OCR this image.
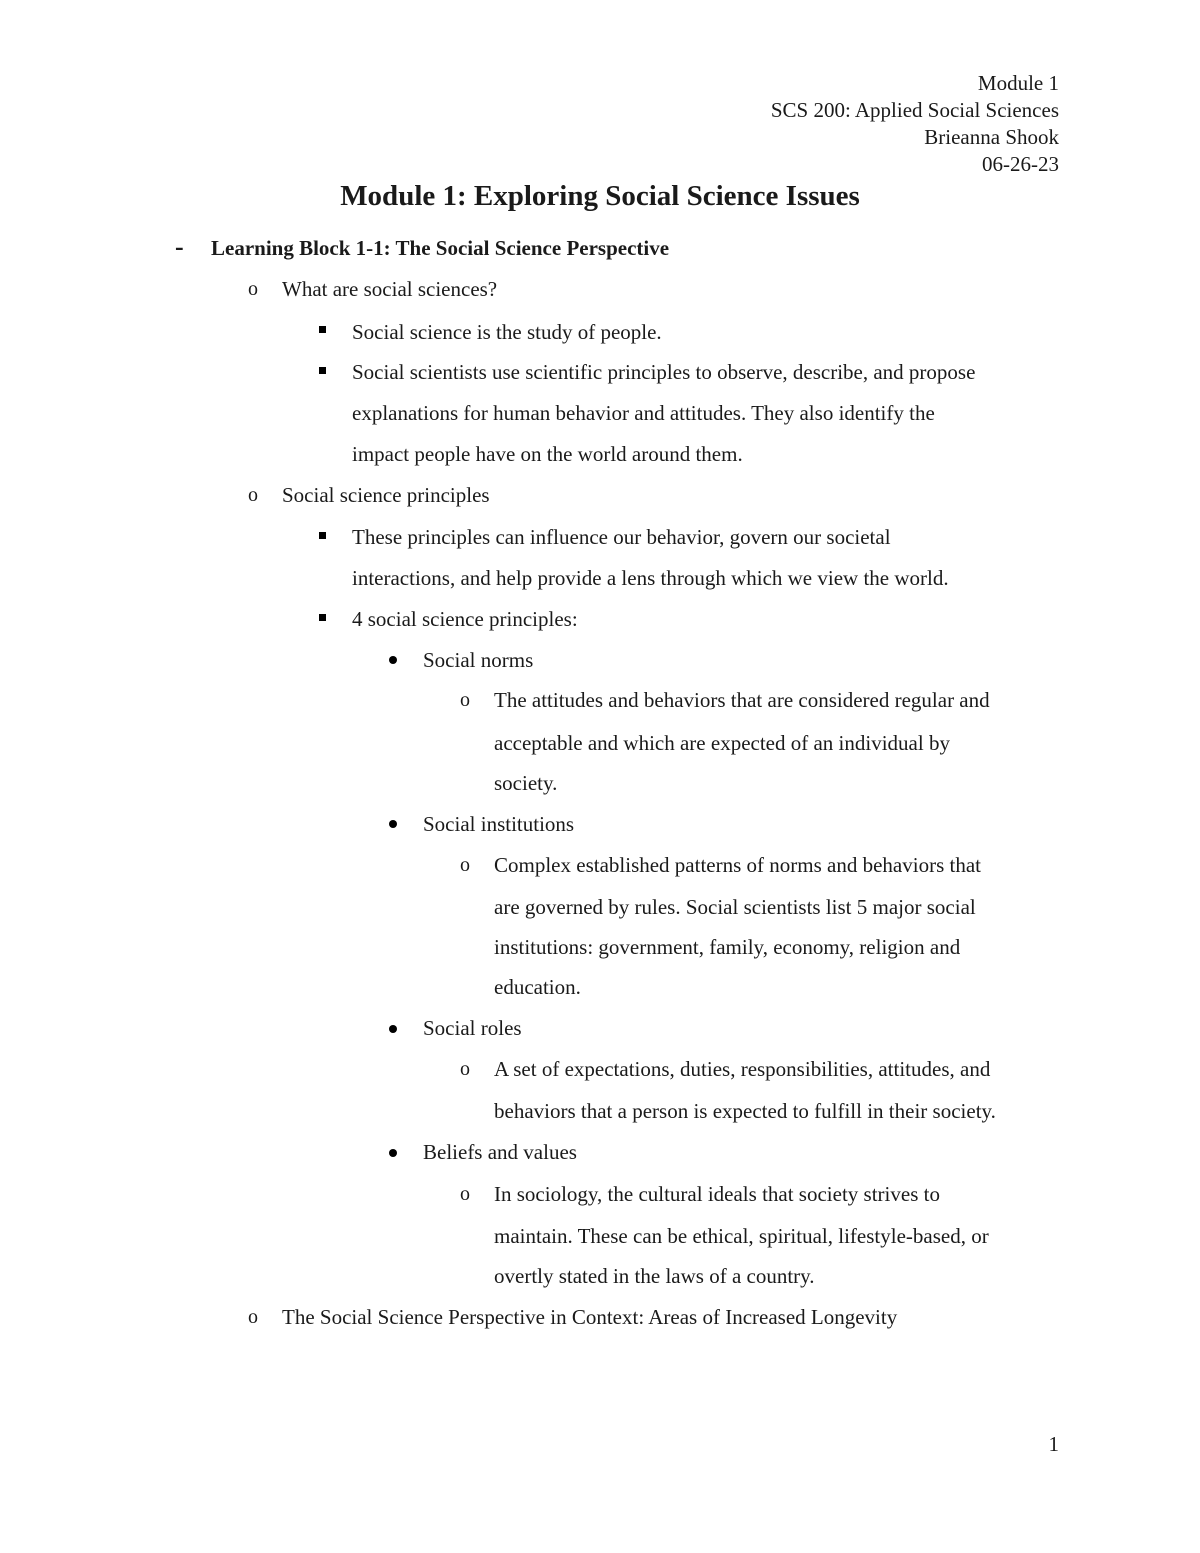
Module 1
SCS 200: Applied Social Sciences
Brieanna Shook
06-26-23
Module 1: Exploring Social Science Issues
- Learning Block 1-1: The Social Science Perspective
o What are social sciences?
Social science is the study of people.
Social scientists use scientific principles to observe, describe, and propose
explanations for human behavior and attitudes. They also identify the
impact people have on the world around them.
o Social science principles
These principles can influence our behavior, govern our societal
interactions, and help provide a lens through which we view the world.
4 social science principles:
Social norms
o The attitudes and behaviors that are considered regular and
acceptable and which are expected of an individual by
society.
Social institutions
o Complex established patterns of norms and behaviors that
are governed by rules. Social scientists list 5 major social
institutions: government, family, economy, religion and
education.
Social roles
o A set of expectations, duties, responsibilities, attitudes, and
behaviors that a person is expected to fulfill in their society.
Beliefs and values
o In sociology, the cultural ideals that society strives to
maintain. These can be ethical, spiritual, lifestyle-based, or
overtly stated in the laws of a country.
o The Social Science Perspective in Context: Areas of Increased Longevity
1
